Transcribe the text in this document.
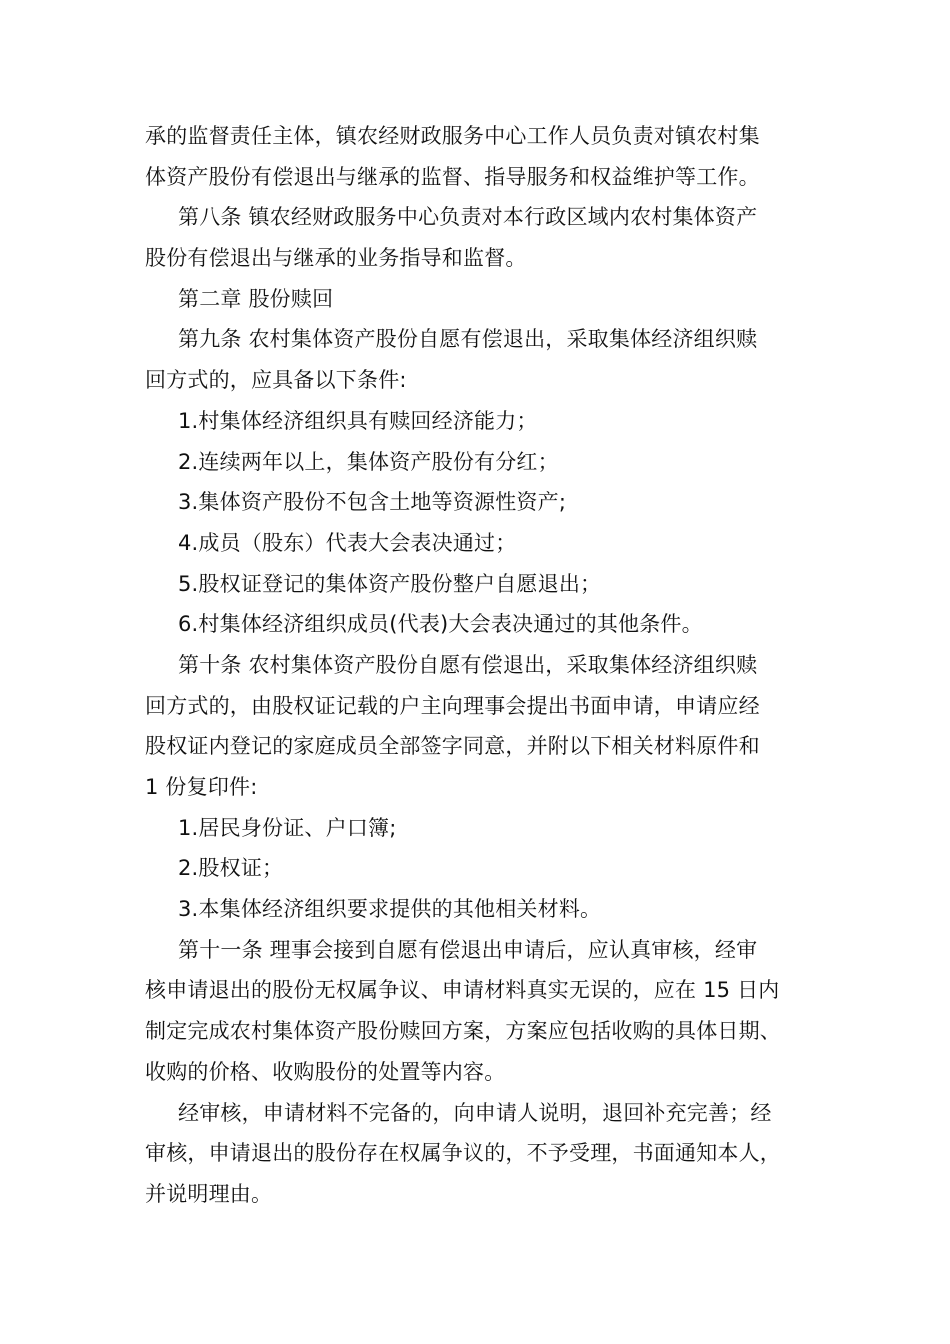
承的监督责任主体，镇农经财政服务中心工作人员负责对镇农村集
体资产股份有偿退出与继承的监督、指导服务和权益维护等工作。
第八条 镇农经财政服务中心负责对本行政区域内农村集体资产
股份有偿退出与继承的业务指导和监督。
第二章 股份赎回
第九条 农村集体资产股份自愿有偿退出，采取集体经济组织赎
回方式的，应具备以下条件:
1.村集体经济组织具有赎回经济能力；
2.连续两年以上，集体资产股份有分红；
3.集体资产股份不包含土地等资源性资产;
4.成员（股东）代表大会表决通过；
5.股权证登记的集体资产股份整户自愿退出；
6.村集体经济组织成员(代表)大会表决通过的其他条件。
第十条 农村集体资产股份自愿有偿退出，采取集体经济组织赎
回方式的，由股权证记载的户主向理事会提出书面申请，申请应经
股权证内登记的家庭成员全部签字同意，并附以下相关材料原件和
1 份复印件:
1.居民身份证、户口簿;
2.股权证；
3.本集体经济组织要求提供的其他相关材料。
第十一条 理事会接到自愿有偿退出申请后，应认真审核，经审
核申请退出的股份无权属争议、申请材料真实无误的，应在 15 日内
制定完成农村集体资产股份赎回方案，方案应包括收购的具体日期、
收购的价格、收购股份的处置等内容。
经审核，申请材料不完备的，向申请人说明，退回补充完善；经
审核，申请退出的股份存在权属争议的，不予受理，书面通知本人，
并说明理由。
